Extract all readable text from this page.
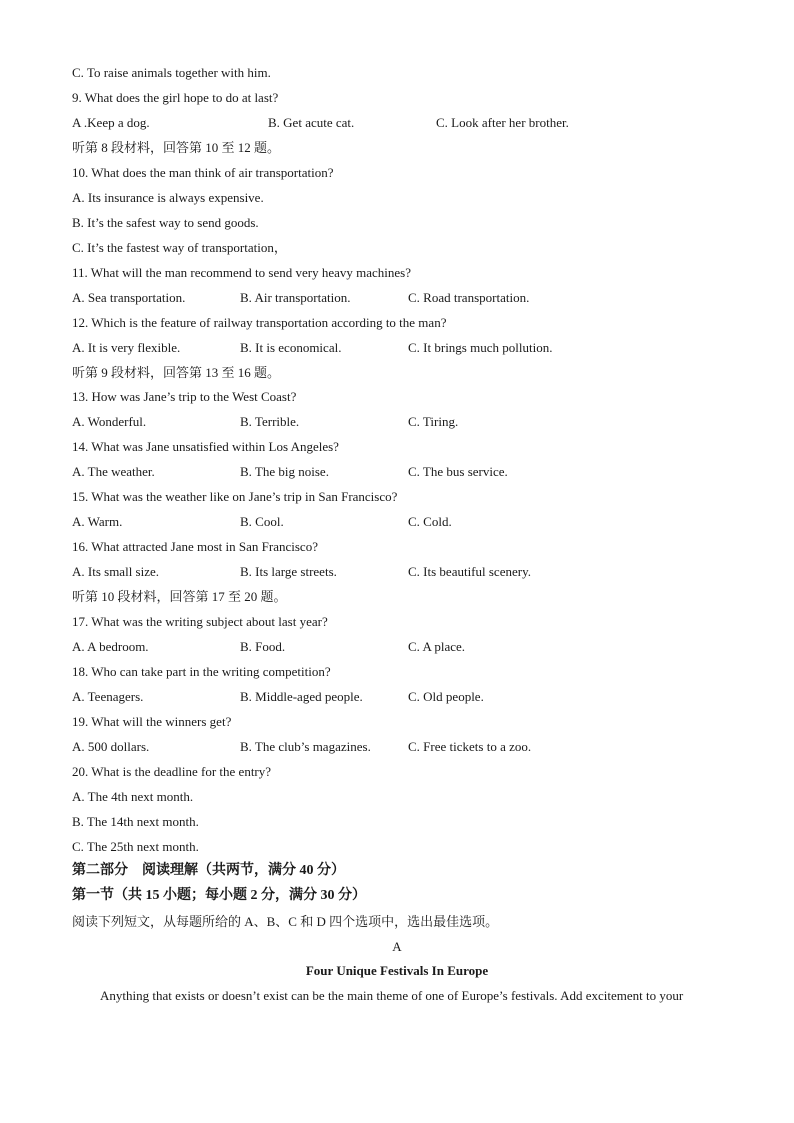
C. To raise animals together with him.
9. What does the girl hope to do at last?
A .Keep a dog.	B. Get acute cat.	C. Look after her brother.
听第 8 段材料，回答第 10 至 12 题。
10. What does the man think of air transportation?
A. Its insurance is always expensive.
B. It’s the safest way to send goods.
C. It’s the fastest way of transportation，
11. What will the man recommend to send very heavy machines?
A. Sea transportation.	B. Air transportation.	C. Road transportation.
12. Which is the feature of railway transportation according to the man?
A. It is very flexible.	B. It is economical.	C. It brings much pollution.
听第 9 段材料，回答第 13 至 16 题。
13. How was Jane’s trip to the West Coast?
A. Wonderful.	B. Terrible.	C. Tiring.
14. What was Jane unsatisfied within Los Angeles?
A. The weather.	B. The big noise.	C. The bus service.
15. What was the weather like on Jane’s trip in San Francisco?
A. Warm.	B. Cool.	C. Cold.
16. What attracted Jane most in San Francisco?
A. Its small size.	B. Its large streets.	C. Its beautiful scenery.
听第 10 段材料，回答第 17 至 20 题。
17. What was the writing subject about last year?
A. A bedroom.	B. Food.	C. A place.
18. Who can take part in the writing competition?
A. Teenagers.	B. Middle-aged people.	C. Old people.
19. What will the winners get?
A. 500 dollars.	B. The club’s magazines.	C. Free tickets to a zoo.
20. What is the deadline for the entry?
A. The 4th next month.
B. The 14th next month.
C. The 25th next month.
第二部分　阅读理解（共两节，满分 40 分）
第一节（共 15 小题；每小题 2 分，满分 30 分）
阅读下列短文，从每题所给的 A、B、C 和 D 四个选项中，选出最佳选项。
A
Four Unique Festivals In Europe
Anything that exists or doesn’t exist can be the main theme of one of Europe’s festivals. Add excitement to your
